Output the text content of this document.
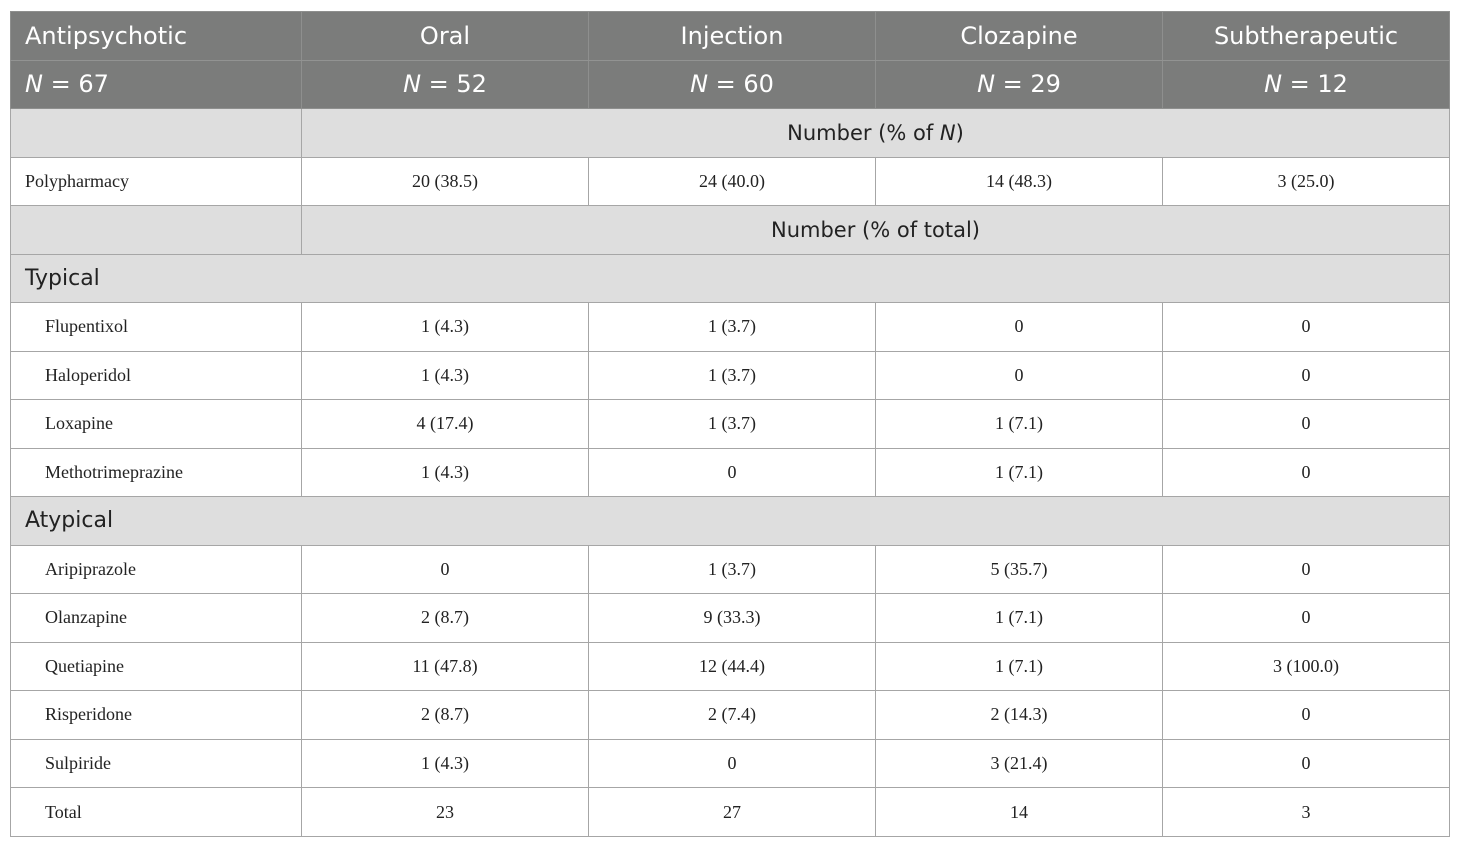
Antipsychotic	Oral	Injection	Clozapine	Subtherapeutic
N = 67	N = 52	N = 60	N = 29	N = 12
	Number (% of N)			
Polypharmacy	20 (38.5)	24 (40.0)	14 (48.3)	3 (25.0)
	Number (% of total)			
Typical				
Flupentixol	1 (4.3)	1 (3.7)	0	0
Haloperidol	1 (4.3)	1 (3.7)	0	0
Loxapine	4 (17.4)	1 (3.7)	1 (7.1)	0
Methotrimeprazine	1 (4.3)	0	1 (7.1)	0
Atypical				
Aripiprazole	0	1 (3.7)	5 (35.7)	0
Olanzapine	2 (8.7)	9 (33.3)	1 (7.1)	0
Quetiapine	11 (47.8)	12 (44.4)	1 (7.1)	3 (100.0)
Risperidone	2 (8.7)	2 (7.4)	2 (14.3)	0
Sulpiride	1 (4.3)	0	3 (21.4)	0
Total	23	27	14	3
